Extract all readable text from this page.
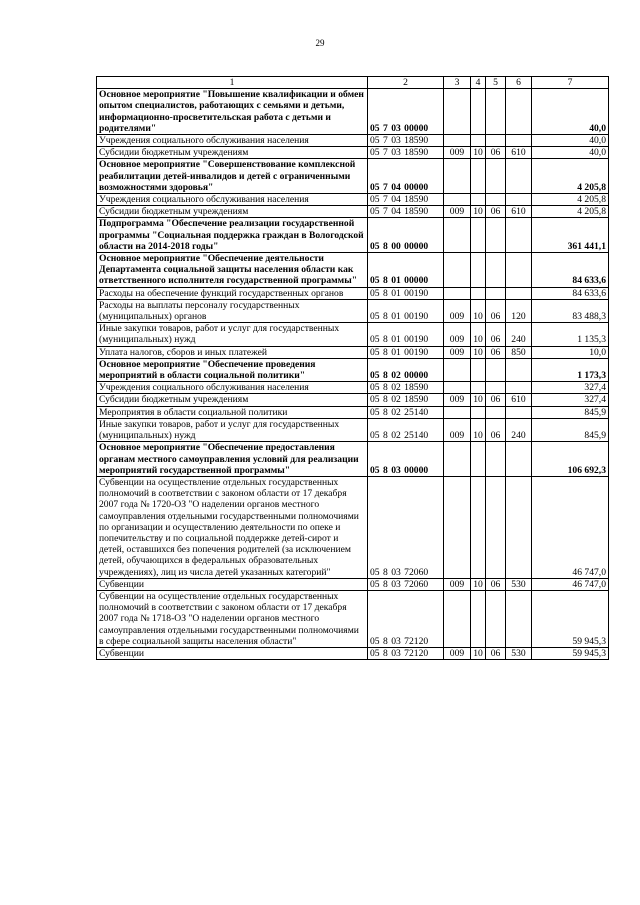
29
1	2	3	4	5	6	7
Основное мероприятие "Повышение квалификации и обмен опытом специалистов, работающих с семьями и детьми, информационно-просветительская работа с детьми и родителями"	05 7 03 00000					40,0
Учреждения социального обслуживания населения	05 7 03 18590					40,0
Субсидии бюджетным учреждениям	05 7 03 18590	009	10	06	610	40,0
Основное мероприятие "Совершенствование комплексной реабилитации детей-инвалидов и детей с ограниченными возможностями здоровья"	05 7 04 00000					4 205,8
Учреждения социального обслуживания населения	05 7 04 18590					4 205,8
Субсидии бюджетным учреждениям	05 7 04 18590	009	10	06	610	4 205,8
Подпрограмма "Обеспечение реализации государственной программы "Социальная поддержка граждан в Вологодской области на 2014-2018 годы"	05 8 00 00000					361 441,1
Основное мероприятие "Обеспечение деятельности Департамента социальной защиты населения области как ответственного исполнителя государственной программы"	05 8 01 00000					84 633,6
Расходы на обеспечение функций государственных органов	05 8 01 00190					84 633,6
Расходы на выплаты персоналу государственных (муниципальных) органов	05 8 01 00190	009	10	06	120	83 488,3
Иные закупки товаров, работ и услуг для государственных (муниципальных) нужд	05 8 01 00190	009	10	06	240	1 135,3
Уплата налогов, сборов и иных платежей	05 8 01 00190	009	10	06	850	10,0
Основное мероприятие "Обеспечение проведения мероприятий в области социальной политики"	05 8 02 00000					1 173,3
Учреждения социального обслуживания населения	05 8 02 18590					327,4
Субсидии бюджетным учреждениям	05 8 02 18590	009	10	06	610	327,4
Мероприятия в области социальной политики	05 8 02 25140					845,9
Иные закупки товаров, работ и услуг для государственных (муниципальных) нужд	05 8 02 25140	009	10	06	240	845,9
Основное мероприятие "Обеспечение предоставления органам местного самоуправления условий для реализации мероприятий государственной программы"	05 8 03 00000					106 692,3
Субвенции на осуществление отдельных государственных полномочий в соответствии с законом области от 17 декабря 2007 года № 1720-ОЗ "О наделении органов местного самоуправления отдельными государственными полномочиями по организации и осуществлению деятельности по опеке и попечительству и по социальной поддержке детей-сирот и детей, оставшихся без попечения родителей (за исключением детей, обучающихся в федеральных образовательных учреждениях), лиц из числа детей указанных категорий"	05 8 03 72060					46 747,0
Субвенции	05 8 03 72060	009	10	06	530	46 747,0
Субвенции на осуществление отдельных государственных полномочий в соответствии с законом области от 17 декабря 2007 года № 1718-ОЗ "О наделении органов местного самоуправления отдельными государственными полномочиями в сфере социальной защиты населения области"	05 8 03 72120					59 945,3
Субвенции	05 8 03 72120	009	10	06	530	59 945,3
